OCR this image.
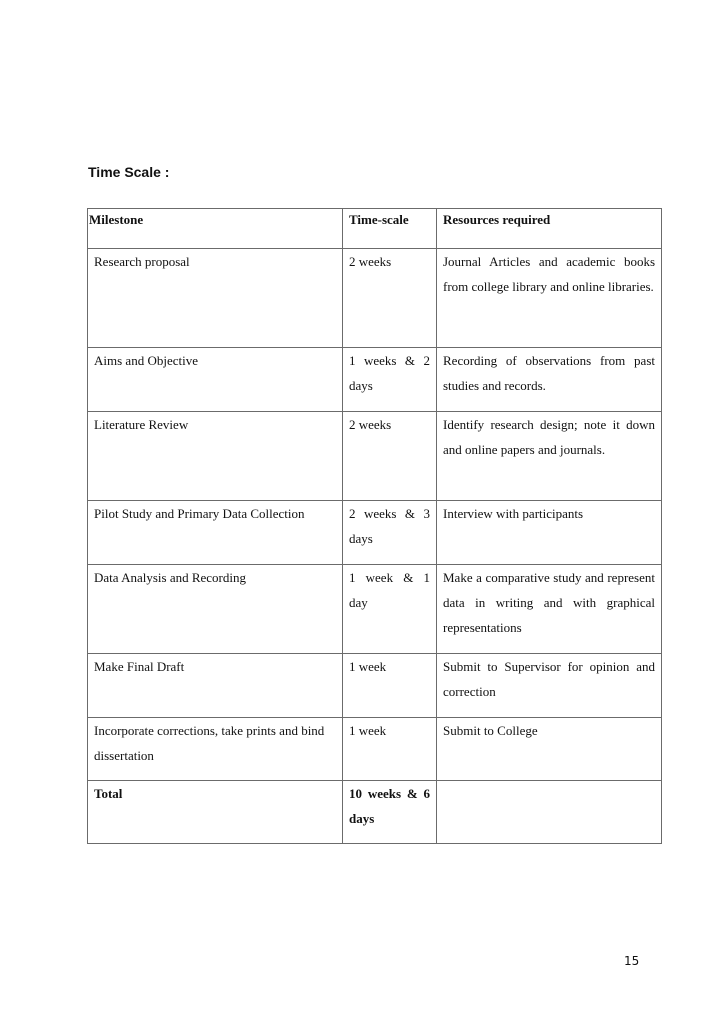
Time Scale :
Milestone	Time-scale	Resources required
Research proposal	2 weeks	Journal Articles and academic books from college library and online libraries.
Aims and Objective	1 weeks & 2 days	Recording of observations from past studies and records.
Literature Review	2 weeks	Identify research design; note it down and online papers and journals.
Pilot Study and Primary Data Collection	2 weeks & 3 days	Interview with participants
Data Analysis and Recording	1 week & 1 day	Make a comparative study and represent data in writing and with graphical representations
Make Final Draft	1 week	Submit to Supervisor for opinion and correction
Incorporate corrections, take prints and bind dissertation	1 week	Submit to College
Total	10 weeks & 6 days	
15
